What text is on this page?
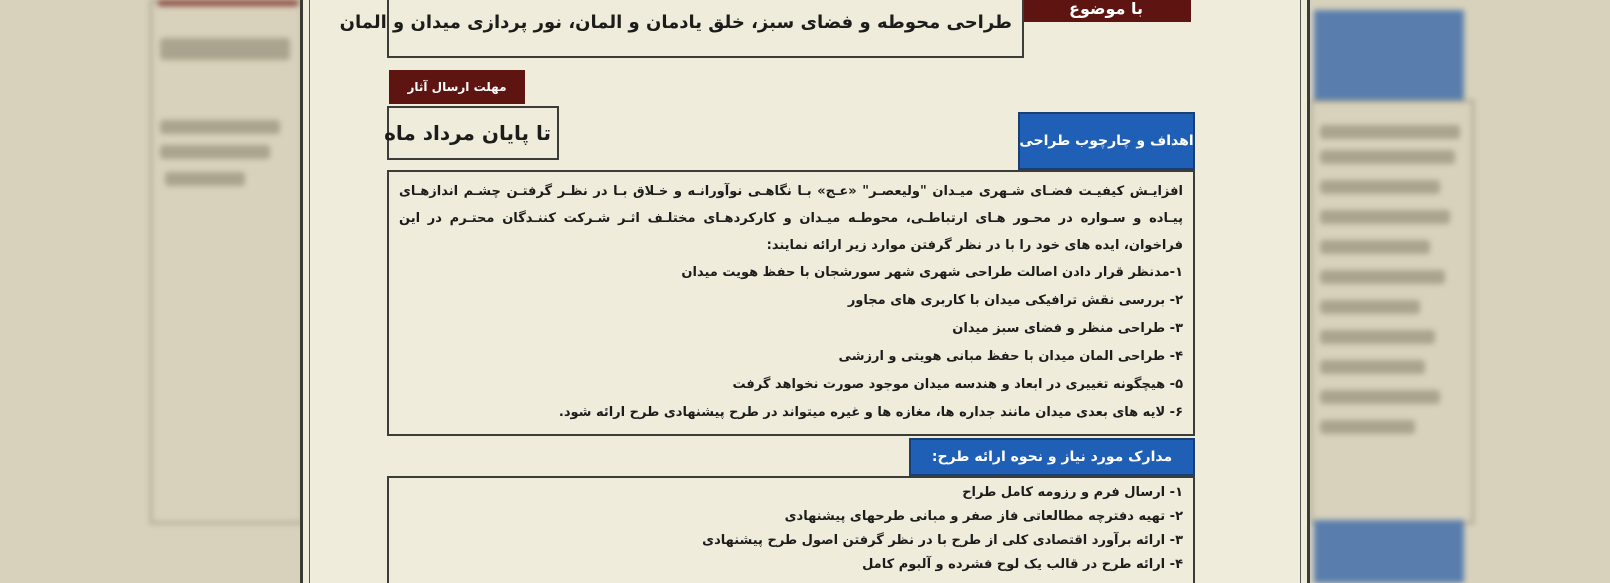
با موضوع
طراحی محوطه و فضای سبز، خلق یادمان و المان، نور پردازی میدان و المان
مهلت ارسال آثار
تا پایان مرداد ماه	اهداف و چارچوب طراحی
افزایـش کیفیـت فضـای شـهری میـدان "ولیعصـر" «عـج» بـا نگاهـی نوآورانـه و خـلاق بـا در نظـر گرفتـن چشـم اندازهـای پیـاده و سـواره در محـور هـای ارتباطـی، محوطـه میـدان و کارکردهـای مختلـف اثـر شـرکت کننـدگان محتـرم در این فراخوان، ایده های خود را با در نظر گرفتن موارد زیر ارائه نمایند:
۱-مدنظر قرار دادن اصالت طراحی شهری شهر سورشجان با حفظ هویت میدان
۲- بررسی نقش ترافیکی میدان با کاربری های مجاور
۳- طراحی منظر و فضای سبز میدان
۴- طراحی المان میدان با حفظ مبانی هویتی و ارزشی
۵- هیچگونه تغییری در ابعاد و هندسه میدان موجود صورت نخواهد گرفت
۶- لایه های بعدی میدان مانند جداره ها، مغازه ها و غیره میتواند در طرح پیشنهادی طرح ارائه شود.
مدارک مورد نیاز و نحوه ارائه طرح:
۱- ارسال فرم و رزومه کامل طراح
۲- تهیه دفترچه مطالعاتی فاز صفر و مبانی طرحهای پیشنهادی
۳- ارائه برآورد اقتصادی کلی از طرح با در نظر گرفتن اصول طرح پیشنهادی
۴- ارائه طرح در قالب یک لوح فشرده و آلبوم کامل
